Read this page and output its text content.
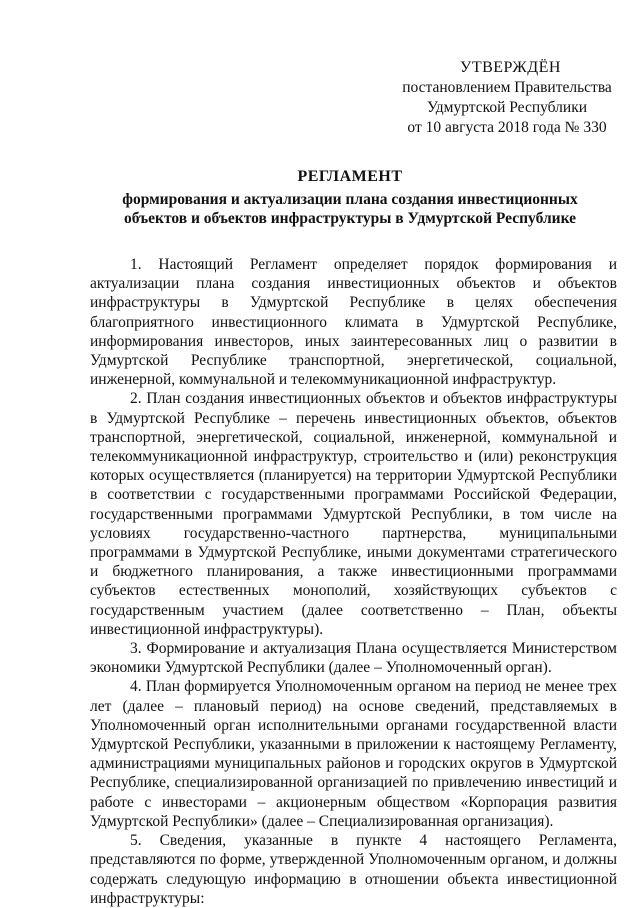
УТВЕРЖДЁН
постановлением Правительства
Удмуртской Республики
от 10 августа 2018 года № 330
РЕГЛАМЕНТ
формирования и актуализации плана создания инвестиционных
объектов и объектов инфраструктуры в Удмуртской Республике

1. Настоящий Регламент определяет порядок формирования и актуализации плана создания инвестиционных объектов и объектов инфраструктуры в Удмуртской Республике в целях обеспечения благоприятного инвестиционного климата в Удмуртской Республике, информирования инвесторов, иных заинтересованных лиц о развитии в Удмуртской Республике транспортной, энергетической, социальной, инженерной, коммунальной и телекоммуникационной инфраструктур.

2. План создания инвестиционных объектов и объектов инфраструктуры в Удмуртской Республике – перечень инвестиционных объектов, объектов транспортной, энергетической, социальной, инженерной, коммунальной и телекоммуникационной инфраструктур, строительство и (или) реконструкция которых осуществляется (планируется) на территории Удмуртской Республики в соответствии с государственными программами Российской Федерации, государственными программами Удмуртской Республики, в том числе на условиях государственно-частного партнерства, муниципальными программами в Удмуртской Республике, иными документами стратегического и бюджетного планирования, а также инвестиционными программами субъектов естественных монополий, хозяйствующих субъектов с государственным участием (далее соответственно – План, объекты инвестиционной инфраструктуры).

3. Формирование и актуализация Плана осуществляется Министерством экономики Удмуртской Республики (далее – Уполномоченный орган).

4. План формируется Уполномоченным органом на период не менее трех лет (далее – плановый период) на основе сведений, представляемых в Уполномоченный орган исполнительными органами государственной власти Удмуртской Республики, указанными в приложении к настоящему Регламенту, администрациями муниципальных районов и городских округов в Удмуртской Республике, специализированной организацией по привлечению инвестиций и работе с инвесторами – акционерным обществом «Корпорация развития Удмуртской Республики» (далее – Специализированная организация).

5. Сведения, указанные в пункте 4 настоящего Регламента, представляются по форме, утвержденной Уполномоченным органом, и должны содержать следующую информацию в отношении объекта инвестиционной инфраструктуры:
